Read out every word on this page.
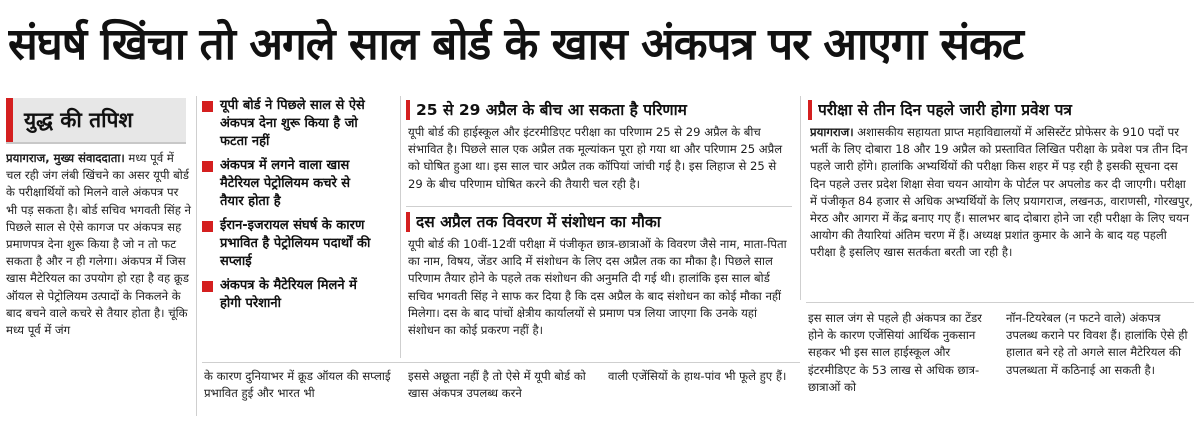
संघर्ष खिंचा तो अगले साल बोर्ड के खास अंकपत्र पर आएगा संकट
युद्ध की तपिश

प्रयागराज, मुख्य संवाददाता। मध्य पूर्व में चल रही जंग लंबी खिंचने का असर यूपी बोर्ड के परीक्षार्थियों को मिलने वाले अंकपत्र पर भी पड़ सकता है। बोर्ड सचिव भगवती सिंह ने पिछले साल से ऐसे कागज पर अंकपत्र सह प्रमाणपत्र देना शुरू किया है जो न तो फट सकता है और न ही गलेगा। अंकपत्र में जिस खास मैटेरियल का उपयोग हो रहा है वह क्रूड ऑयल से पेट्रोलियम उत्पादों के निकलने के बाद बचने वाले कचरे से तैयार होता है। चूंकि मध्य पूर्व में जंग

यूपी बोर्ड ने पिछले साल से ऐसे अंकपत्र देना शुरू किया है जो फटता नहीं
अंकपत्र में लगने वाला खास मैटेरियल पेट्रोलियम कचरे से तैयार होता है
ईरान-इजरायल संघर्ष के कारण प्रभावित है पेट्रोलियम पदार्थों की सप्लाई
अंकपत्र के मैटेरियल मिलने में होगी परेशानी
25 से 29 अप्रैल के बीच आ सकता है परिणाम

यूपी बोर्ड की हाईस्कूल और इंटरमीडिएट परीक्षा का परिणाम 25 से 29 अप्रैल के बीच संभावित है। पिछले साल एक अप्रैल तक मूल्यांकन पूरा हो गया था और परिणाम 25 अप्रैल को घोषित हुआ था। इस साल चार अप्रैल तक कॉपियां जांची गई है। इस लिहाज से 25 से 29 के बीच परिणाम घोषित करने की तैयारी चल रही है।

दस अप्रैल तक विवरण में संशोधन का मौका

यूपी बोर्ड की 10वीं-12वीं परीक्षा में पंजीकृत छात्र-छात्राओं के विवरण जैसे नाम, माता-पिता का नाम, विषय, जेंडर आदि में संशोधन के लिए दस अप्रैल तक का मौका है। पिछले साल परिणाम तैयार होने के पहले तक संशोधन की अनुमति दी गई थी। हालांकि इस साल बोर्ड सचिव भगवती सिंह ने साफ कर दिया है कि दस अप्रैल के बाद संशोधन का कोई मौका नहीं मिलेगा। दस के बाद पांचों क्षेत्रीय कार्यालयों से प्रमाण पत्र लिया जाएगा कि उनके यहां संशोधन का कोई प्रकरण नहीं है।

परीक्षा से तीन दिन पहले जारी होगा प्रवेश पत्र

प्रयागराज। अशासकीय सहायता प्राप्त महाविद्यालयों में असिस्टेंट प्रोफेसर के 910 पदों पर भर्ती के लिए दोबारा 18 और 19 अप्रैल को प्रस्तावित लिखित परीक्षा के प्रवेश पत्र तीन दिन पहले जारी होंगे। हालांकि अभ्यर्थियों की परीक्षा किस शहर में पड़ रही है इसकी सूचना दस दिन पहले उत्तर प्रदेश शिक्षा सेवा चयन आयोग के पोर्टल पर अपलोड कर दी जाएगी। परीक्षा में पंजीकृत 84 हजार से अधिक अभ्यर्थियों के लिए प्रयागराज, लखनऊ, वाराणसी, गोरखपुर, मेरठ और आगरा में केंद्र बनाए गए हैं। सालभर बाद दोबारा होने जा रही परीक्षा के लिए चयन आयोग की तैयारियां अंतिम चरण में हैं। अध्यक्ष प्रशांत कुमार के आने के बाद यह पहली परीक्षा है इसलिए खास सतर्कता बरती जा रही है।

के कारण दुनियाभर में क्रूड ऑयल की सप्लाई प्रभावित हुई और भारत भी

इससे अछूता नहीं है तो ऐसे में यूपी बोर्ड को खास अंकपत्र उपलब्ध करने

वाली एजेंसियों के हाथ-पांव भी फूले हुए हैं।

इस साल जंग से पहले ही अंकपत्र का टेंडर होने के कारण एजेंसियां आर्थिक नुकसान सहकर भी इस साल हाईस्कूल और इंटरमीडिएट के 53 लाख से अधिक छात्र-छात्राओं को

नॉन-टियरेबल (न फटने वाले) अंकपत्र उपलब्ध कराने पर विवश हैं। हालांकि ऐसे ही हालात बने रहे तो अगले साल मैटेरियल की उपलब्धता में कठिनाई आ सकती है।
